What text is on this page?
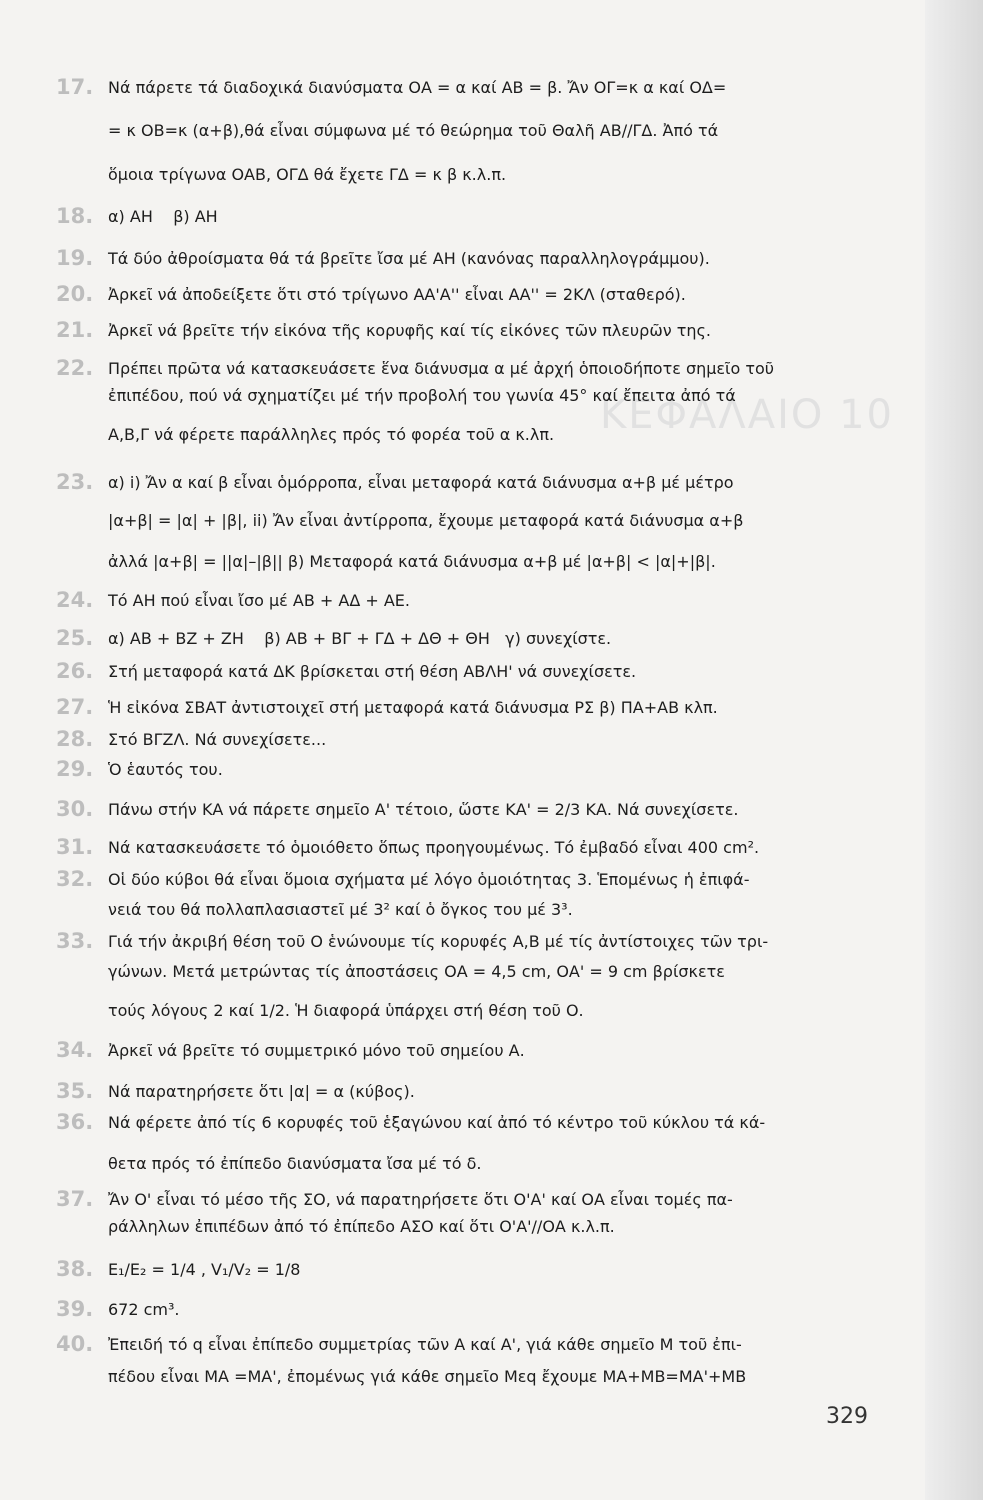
ΚΕΦΑΛΑΙΟ 10
17. Νά πάρετε τά διαδοχικά διανύσματα ΟΑ = α καί ΑΒ = β. Ἄν ΟΓ=κ α καί ΟΔ=
= κ ΟΒ=κ (α+β),θά εἶναι σύμφωνα μέ τό θεώρημα τοῦ Θαλῆ ΑΒ//ΓΔ. Ἀπό τά
ὅμοια τρίγωνα ΟΑΒ, ΟΓΔ θά ἔχετε ΓΔ = κ β κ.λ.π.
18. α) ΑΗ    β) ΑΗ
19. Τά δύο ἀθροίσματα θά τά βρεῖτε ἴσα μέ ΑΗ (κανόνας παραλληλογράμμου).
20. Ἀρκεῖ νά ἀποδείξετε ὅτι στό τρίγωνο ΑΑ'Α'' εἶναι ΑΑ'' = 2ΚΛ (σταθερό).
21. Ἀρκεῖ νά βρεῖτε τήν εἰκόνα τῆς κορυφῆς καί τίς εἰκόνες τῶν πλευρῶν της.
22. Πρέπει πρῶτα νά κατασκευάσετε ἕνα διάνυσμα α μέ ἀρχή ὁποιοδήποτε σημεῖο τοῦ
ἐπιπέδου, πού νά σχηματίζει μέ τήν προβολή του γωνία 45° καί ἔπειτα ἀπό τά
Α,Β,Γ νά φέρετε παράλληλες πρός τό φορέα τοῦ α κ.λπ.
23. α) i) Ἄν α καί β εἶναι ὁμόρροπα, εἶναι μεταφορά κατά διάνυσμα α+β μέ μέτρο
|α+β| = |α| + |β|, ii) Ἄν εἶναι ἀντίρροπα, ἔχουμε μεταφορά κατά διάνυσμα α+β
ἀλλά |α+β| = ||α|–|β|| β) Μεταφορά κατά διάνυσμα α+β μέ |α+β| < |α|+|β|.
24. Τό ΑΗ πού εἶναι ἴσο μέ ΑΒ + ΑΔ + ΑΕ.
25. α) ΑΒ + ΒΖ + ΖΗ    β) ΑΒ + ΒΓ + ΓΔ + ΔΘ + ΘΗ   γ) συνεχίστε.
26. Στή μεταφορά κατά ΔΚ βρίσκεται στή θέση ΑΒΛΗ' νά συνεχίσετε.
27. Ἡ εἰκόνα ΣΒΑΤ ἀντιστοιχεῖ στή μεταφορά κατά διάνυσμα ΡΣ β) ΠΑ+ΑΒ κλπ.
28. Στό ΒΓΖΛ. Νά συνεχίσετε...
29. Ὁ ἑαυτός του.
30. Πάνω στήν ΚΑ νά πάρετε σημεῖο Α' τέτοιο, ὥστε ΚΑ' = 2/3 ΚΑ. Νά συνεχίσετε.
31. Νά κατασκευάσετε τό ὁμοιόθετο ὅπως προηγουμένως. Τό ἐμβαδό εἶναι 400 cm².
32. Οἱ δύο κύβοι θά εἶναι ὅμοια σχήματα μέ λόγο ὁμοιότητας 3. Ἑπομένως ἡ ἐπιφά-
νειά του θά πολλαπλασιαστεῖ μέ 3² καί ὁ ὄγκος του μέ 3³.
33. Γιά τήν ἀκριβή θέση τοῦ Ο ἑνώνουμε τίς κορυφές Α,Β μέ τίς ἀντίστοιχες τῶν τρι-
γώνων. Μετά μετρώντας τίς ἀποστάσεις ΟΑ = 4,5 cm, ΟΑ' = 9 cm βρίσκετε
τούς λόγους 2 καί 1/2. Ἡ διαφορά ὑπάρχει στή θέση τοῦ Ο.
34. Ἀρκεῖ νά βρεῖτε τό συμμετρικό μόνο τοῦ σημείου Α.
35. Νά παρατηρήσετε ὅτι |α| = α (κύβος).
36. Νά φέρετε ἀπό τίς 6 κορυφές τοῦ ἑξαγώνου καί ἀπό τό κέντρο τοῦ κύκλου τά κά-
θετα πρός τό ἐπίπεδο διανύσματα ἴσα μέ τό δ.
37. Ἄν Ο' εἶναι τό μέσο τῆς ΣΟ, νά παρατηρήσετε ὅτι Ο'Α' καί ΟΑ εἶναι τομές πα-
ράλληλων ἐπιπέδων ἀπό τό ἐπίπεδο ΑΣΟ καί ὅτι Ο'Α'//ΟΑ κ.λ.π.
38. Ε₁/Ε₂ = 1/4 , V₁/V₂ = 1/8
39. 672 cm³.
40. Ἐπειδή τό q εἶναι ἐπίπεδο συμμετρίας τῶν Α καί Α', γιά κάθε σημεῖο Μ τοῦ ἐπι-
πέδου εἶναι ΜΑ =ΜΑ', ἐπομένως γιά κάθε σημεῖο Μεq ἔχουμε ΜΑ+ΜΒ=ΜΑ'+ΜΒ
329
